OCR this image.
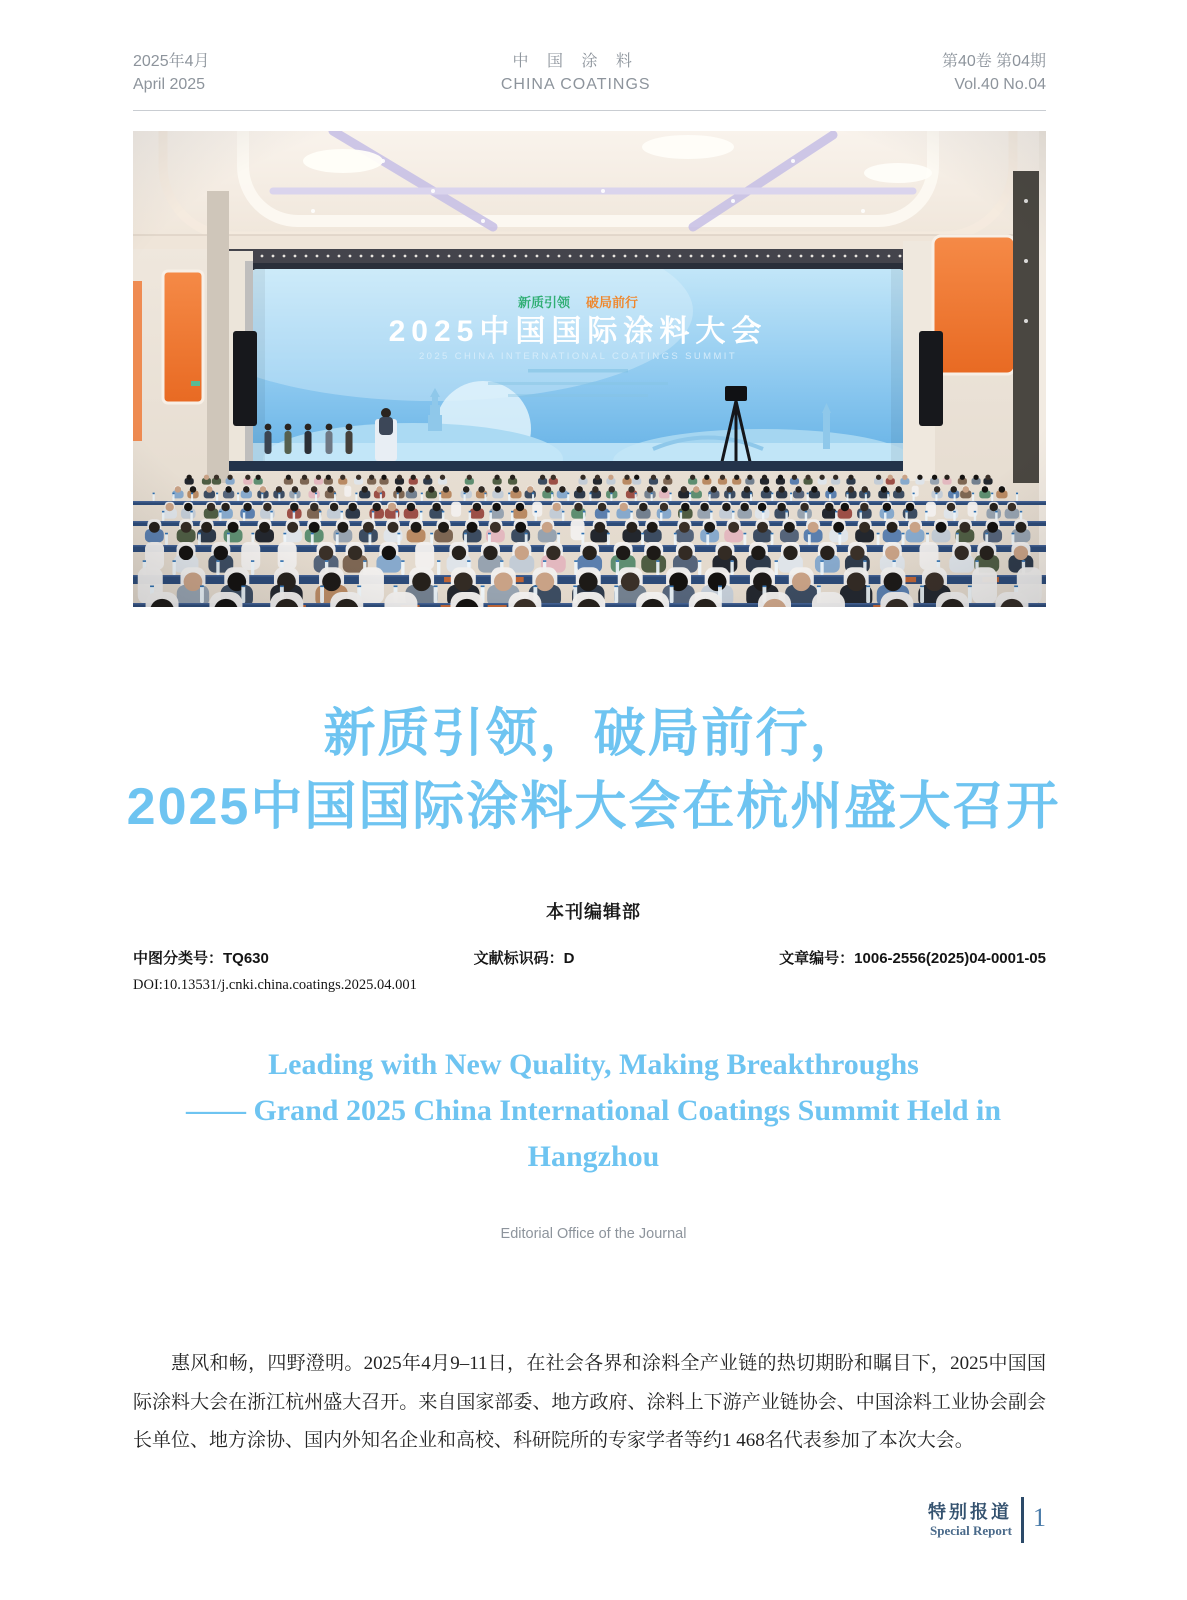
2025年4月
April 2025
中 国 涂 料
CHINA COATINGS
第40卷 第04期
Vol.40 No.04
新质引领，破局前行，
2025中国国际涂料大会在杭州盛大召开
本刊编辑部
中图分类号：TQ630	文献标识码：D	文章编号：1006-2556(2025)04-0001-05
DOI:10.13531/j.cnki.china.coatings.2025.04.001
Leading with New Quality, Making Breakthroughs
—— Grand 2025 China International Coatings Summit Held in
Hangzhou
Editorial Office of the Journal
惠风和畅，四野澄明。2025年4月9–11日，在社会各界和涂料全产业链的热切期盼和瞩目下，2025中国国际涂料大会在浙江杭州盛大召开。来自国家部委、地方政府、涂料上下游产业链协会、中国涂料工业协会副会长单位、地方涂协、国内外知名企业和高校、科研院所的专家学者等约1 468名代表参加了本次大会。
特别报道
Special Report 1
